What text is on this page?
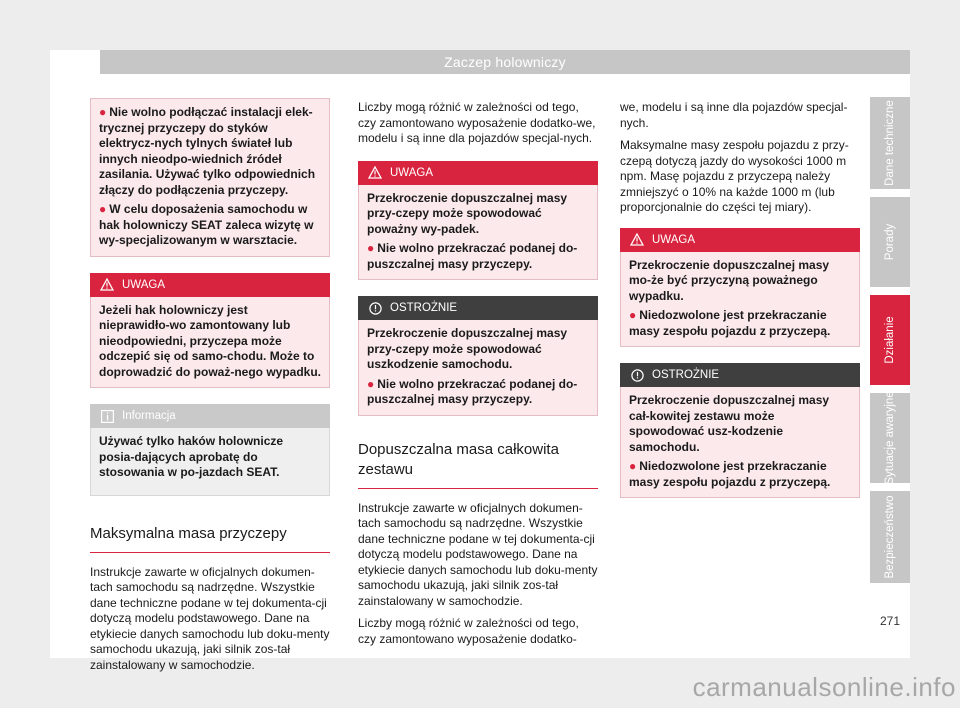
Zaczep holowniczy

● Nie wolno podłączać instalacji elek-trycznej przyczepy do styków elektrycz-nych tylnych świateł lub innych nieodpo-wiednich źródeł zasilania. Używać tylko odpowiednich złączy do podłączenia przyczepy.

● W celu doposażenia samochodu w hak holowniczy SEAT zaleca wizytę w wy-specjalizowanym w warsztacie.

UWAGA

Jeżeli hak holowniczy jest nieprawidło-wo zamontowany lub nieodpowiedni, przyczepa może odczepić się od samo-chodu. Może to doprowadzić do poważ-nego wypadku.

Informacja

Używać tylko haków holownicze posia-dających aprobatę do stosowania w po-jazdach SEAT.

Maksymalna masa przyczepy

Instrukcje zawarte w oficjalnych dokumen-tach samochodu są nadrzędne. Wszystkie dane techniczne podane w tej dokumenta-cji dotyczą modelu podstawowego. Dane na etykiecie danych samochodu lub doku-menty samochodu ukazują, jaki silnik zos-tał zainstalowany w samochodzie.

Liczby mogą różnić w zależności od tego, czy zamontowano wyposażenie dodatko-we, modelu i są inne dla pojazdów specjal-nych.

UWAGA

Przekroczenie dopuszczalnej masy przy-czepy może spowodować poważny wy-padek.

● Nie wolno przekraczać podanej do-puszczalnej masy przyczepy.

OSTROŻNIE

Przekroczenie dopuszczalnej masy przy-czepy może spowodować uszkodzenie samochodu.

● Nie wolno przekraczać podanej do-puszczalnej masy przyczepy.

Dopuszczalna masa całkowita zestawu

Instrukcje zawarte w oficjalnych dokumen-tach samochodu są nadrzędne. Wszystkie dane techniczne podane w tej dokumenta-cji dotyczą modelu podstawowego. Dane na etykiecie danych samochodu lub doku-menty samochodu ukazują, jaki silnik zos-tał zainstalowany w samochodzie.

Liczby mogą różnić w zależności od tego, czy zamontowano wyposażenie dodatko-

we, modelu i są inne dla pojazdów specjal-nych.

Maksymalne masy zespołu pojazdu z przy-czepą dotyczą jazdy do wysokości 1000 m npm. Masę pojazdu z przyczepą należy zmniejszyć o 10% na każde 1000 m (lub proporcjonalnie do części tej miary).

UWAGA

Przekroczenie dopuszczalnej masy mo-że być przyczyną poważnego wypadku.

● Niedozwolone jest przekraczanie masy zespołu pojazdu z przyczepą.

OSTROŻNIE

Przekroczenie dopuszczalnej masy cał-kowitej zestawu może spowodować usz-kodzenie samochodu.

● Niedozwolone jest przekraczanie masy zespołu pojazdu z przyczepą.

Dane techniczne
Porady
Działanie
Sytuacje awaryjne
Bezpieczeństwo
271
carmanualsonline.info
